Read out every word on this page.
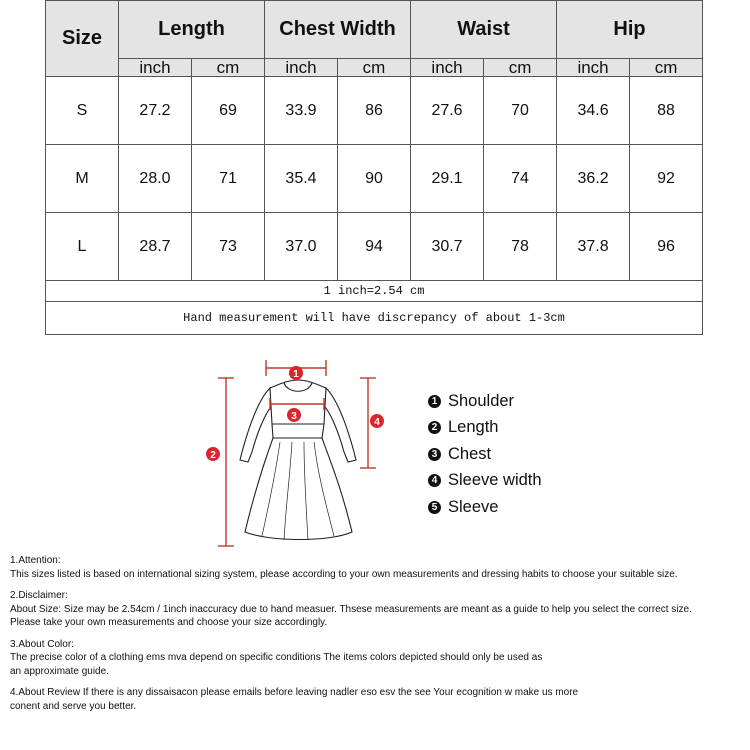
Size	Length		Chest Width		Waist		Hip	
	inch	cm	inch	cm	inch	cm	inch	cm
S	27.2	69	33.9	86	27.6	70	34.6	88
M	28.0	71	35.4	90	29.1	74	36.2	92
L	28.7	73	37.0	94	30.7	78	37.8	96
1 inch=2.54 cm								
Hand measurement will have discrepancy of about 1-3cm								
1
3
2
4
1 Shoulder
2 Length
3 Chest
4 Sleeve width
5 Sleeve
1.Attention:
This sizes listed is based on international sizing system, please according to your own measurements and dressing habits to choose your suitable size.
2.Disclaimer:
About Size: Size may be 2.54cm / 1inch inaccuracy due to hand measuer. Thsese measurements are meant as a guide to help you select the correct size.
Please take your own measurements and choose your size accordingly.
3.About Color:
The precise color of a clothing ems mva depend on specific conditions The items colors depicted should only be used as
an approximate guide.
4.About Review If there is any dissaisacon please emails before leaving nadler eso esv the see Your ecognition w make us more
conent and serve you better.
